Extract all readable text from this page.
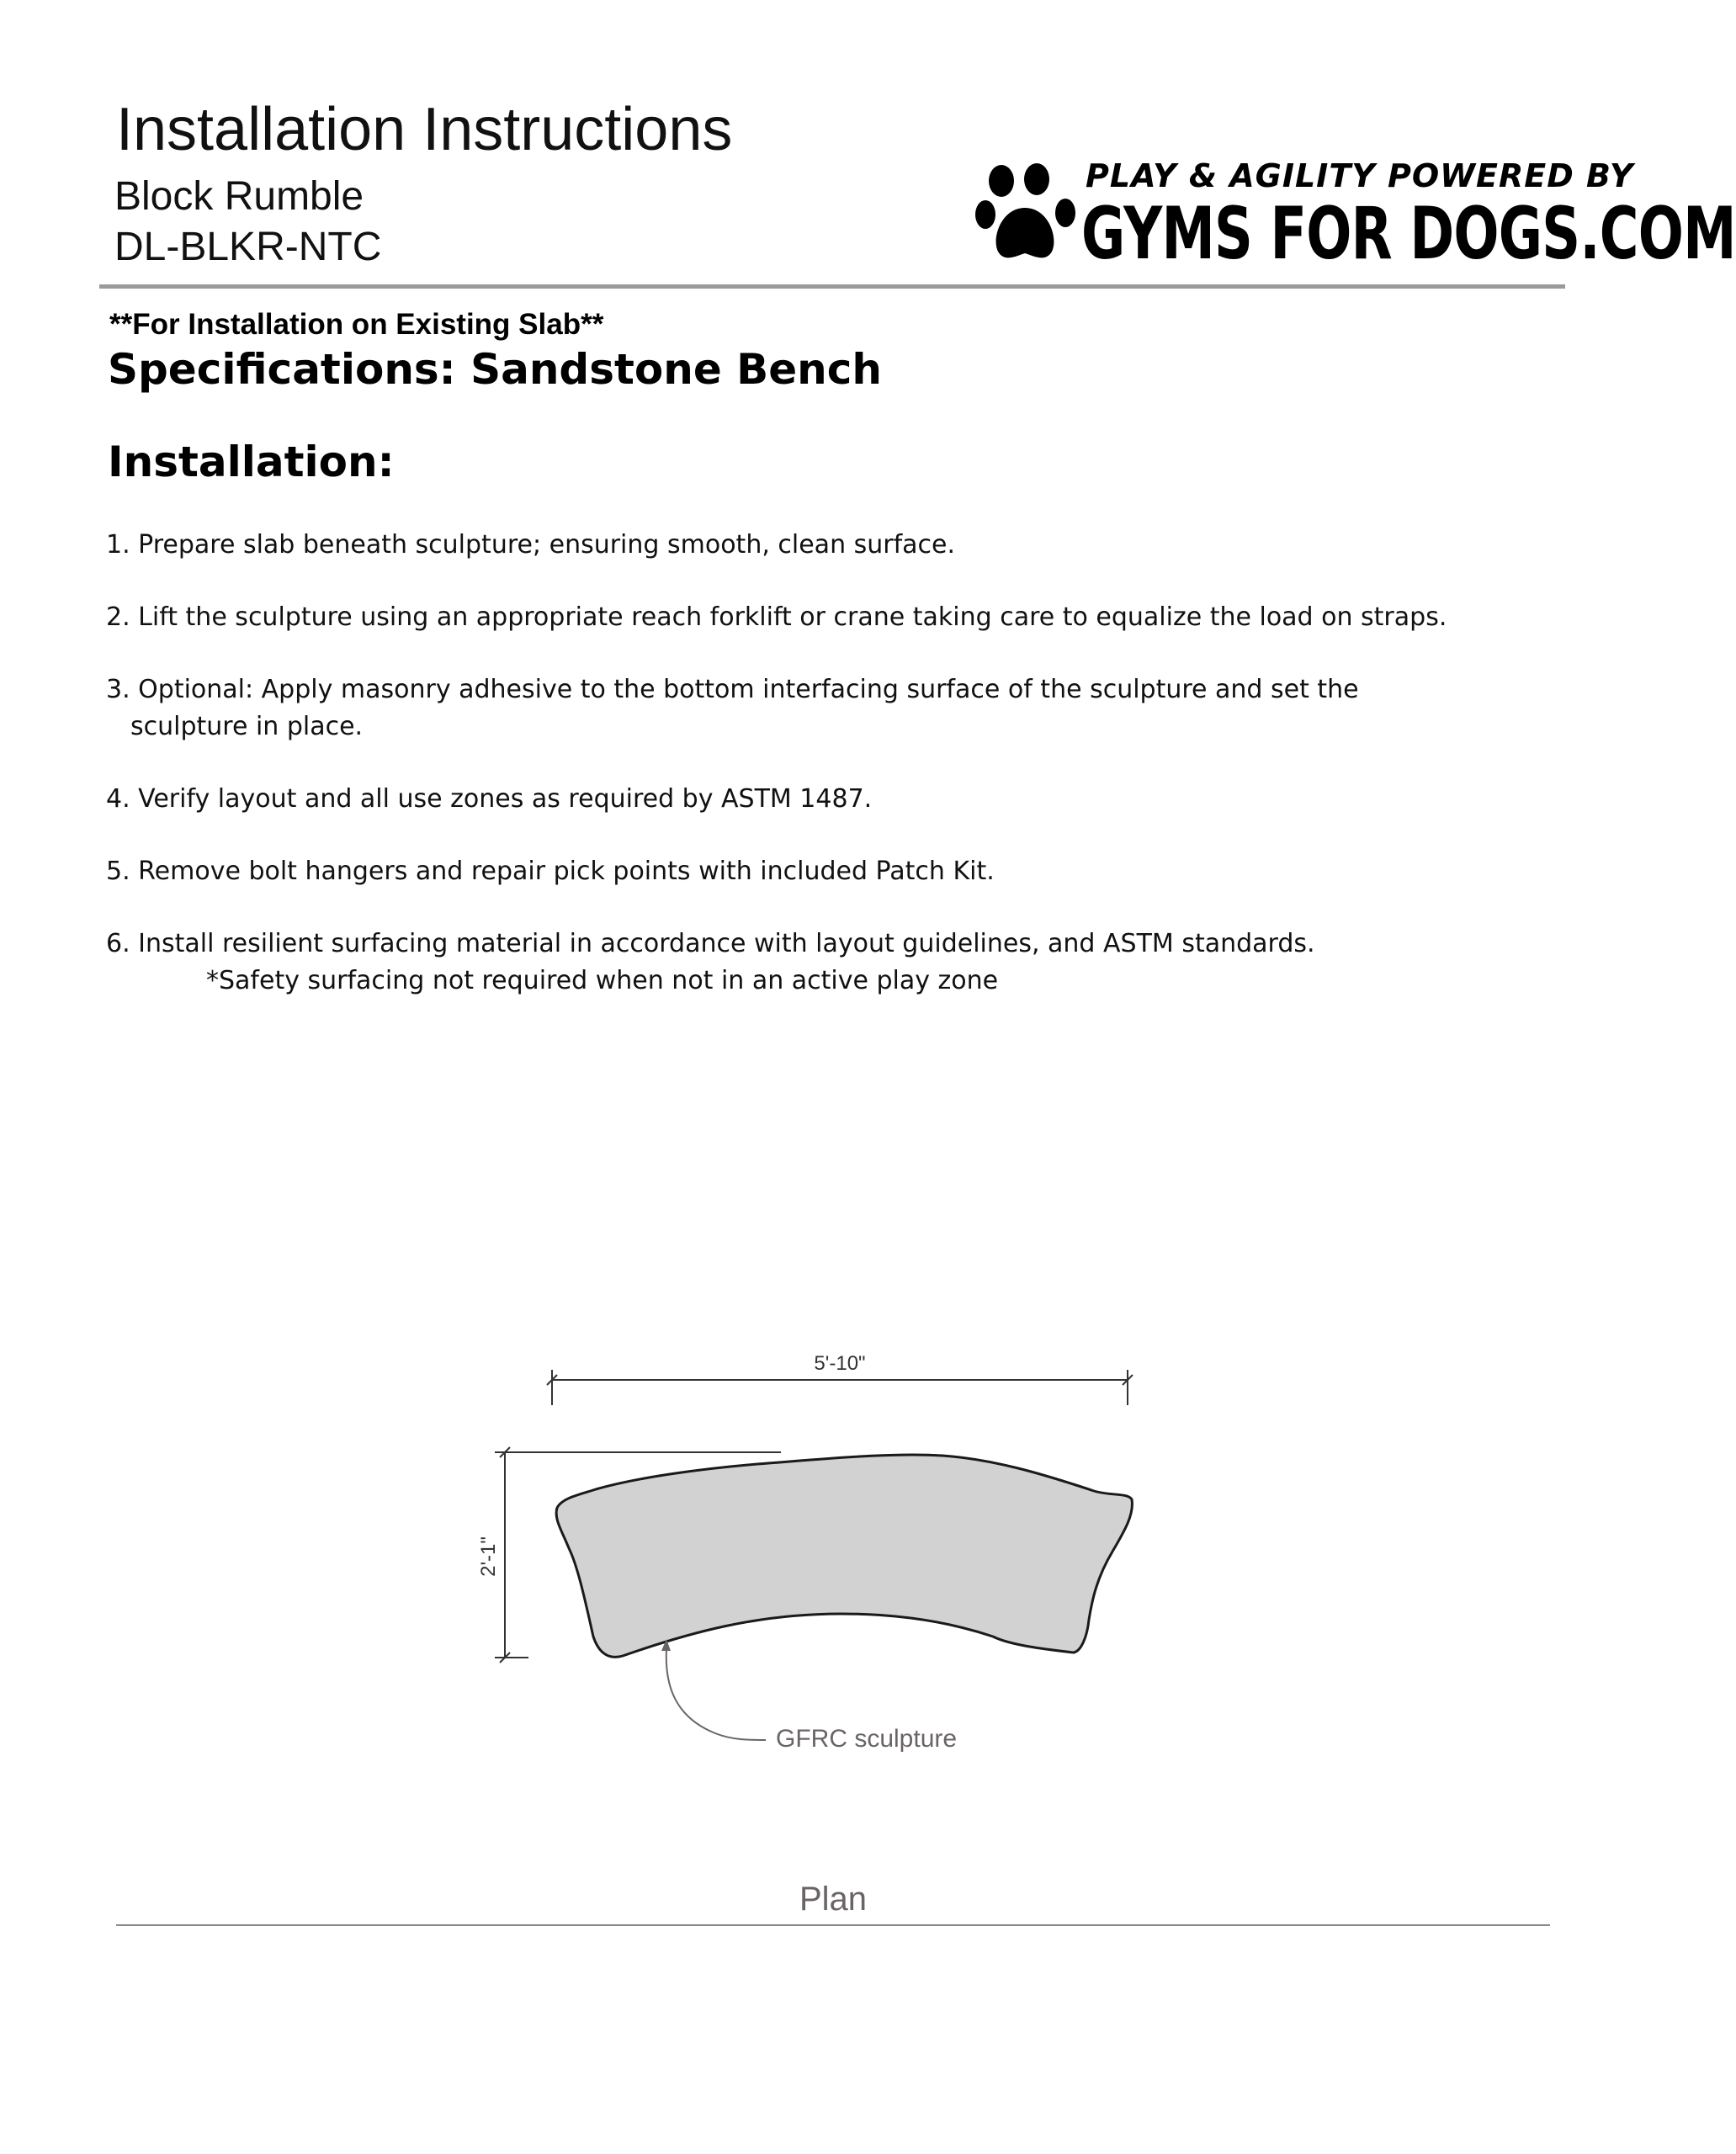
Installation Instructions
Block Rumble
DL-BLKR-NTC
PLAY & AGILITY POWERED BY
GYMS FOR DOGS.COM
**For Installation on Existing Slab**
Specifications: Sandstone Bench
Installation:
1. Prepare slab beneath sculpture; ensuring smooth, clean surface.
2. Lift the sculpture using an appropriate reach forklift or crane taking care to equalize the load on straps.
3. Optional: Apply masonry adhesive to the bottom interfacing surface of the sculpture and set the
sculpture in place.
4. Verify layout and all use zones as required by ASTM 1487.
5. Remove bolt hangers and repair pick points with included Patch Kit.
6. Install resilient surfacing material in accordance with layout guidelines, and ASTM standards.
*Safety surfacing not required when not in an active play zone
5'-10"
2'-1"
GFRC sculpture
Plan
